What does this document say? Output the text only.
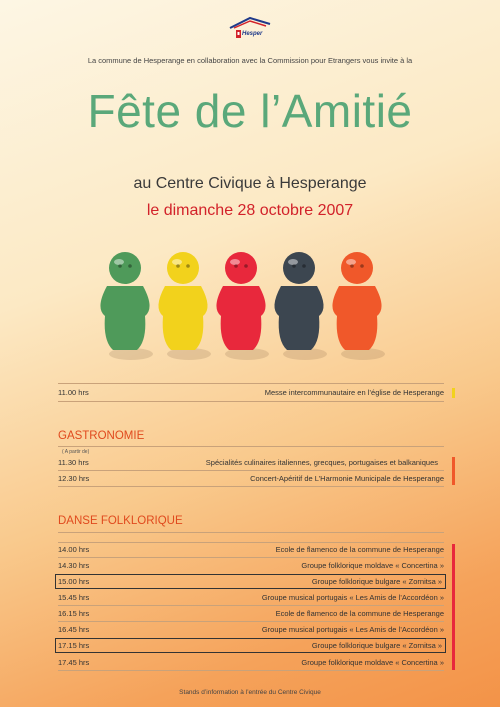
Hesper
La commune de Hesperange en collaboration avec la Commission pour Etrangers vous invite à la
Fête de l’Amitié
au Centre Civique à Hesperange
le dimanche 28 octobre 2007
11.00 hrs	Messe intercommunautaire en l’église de Hesperange
GASTRONOMIE
( A partir de)
11.30 hrs	Spécialités culinaires italiennes, grecques, portugaises et balkaniques
12.30 hrs	Concert-Apéritif de L’Harmonie Municipale de Hesperange
DANSE FOLKLORIQUE
14.00 hrs	Ecole de flamenco de la commune de Hesperange
14.30 hrs	Groupe folklorique moldave « Concertina »
15.00 hrs	Groupe folklorique bulgare « Zornitsa »
15.45 hrs	Groupe musical portugais « Les Amis de l’Accordéon »
16.15 hrs	Ecole de flamenco de la commune de Hesperange
16.45 hrs	Groupe musical portugais « Les Amis de l’Accordéon »
17.15 hrs	Groupe folklorique bulgare « Zornitsa »
17.45 hrs	Groupe folklorique moldave « Concertina »
Stands d’information à l’entrée du Centre Civique
